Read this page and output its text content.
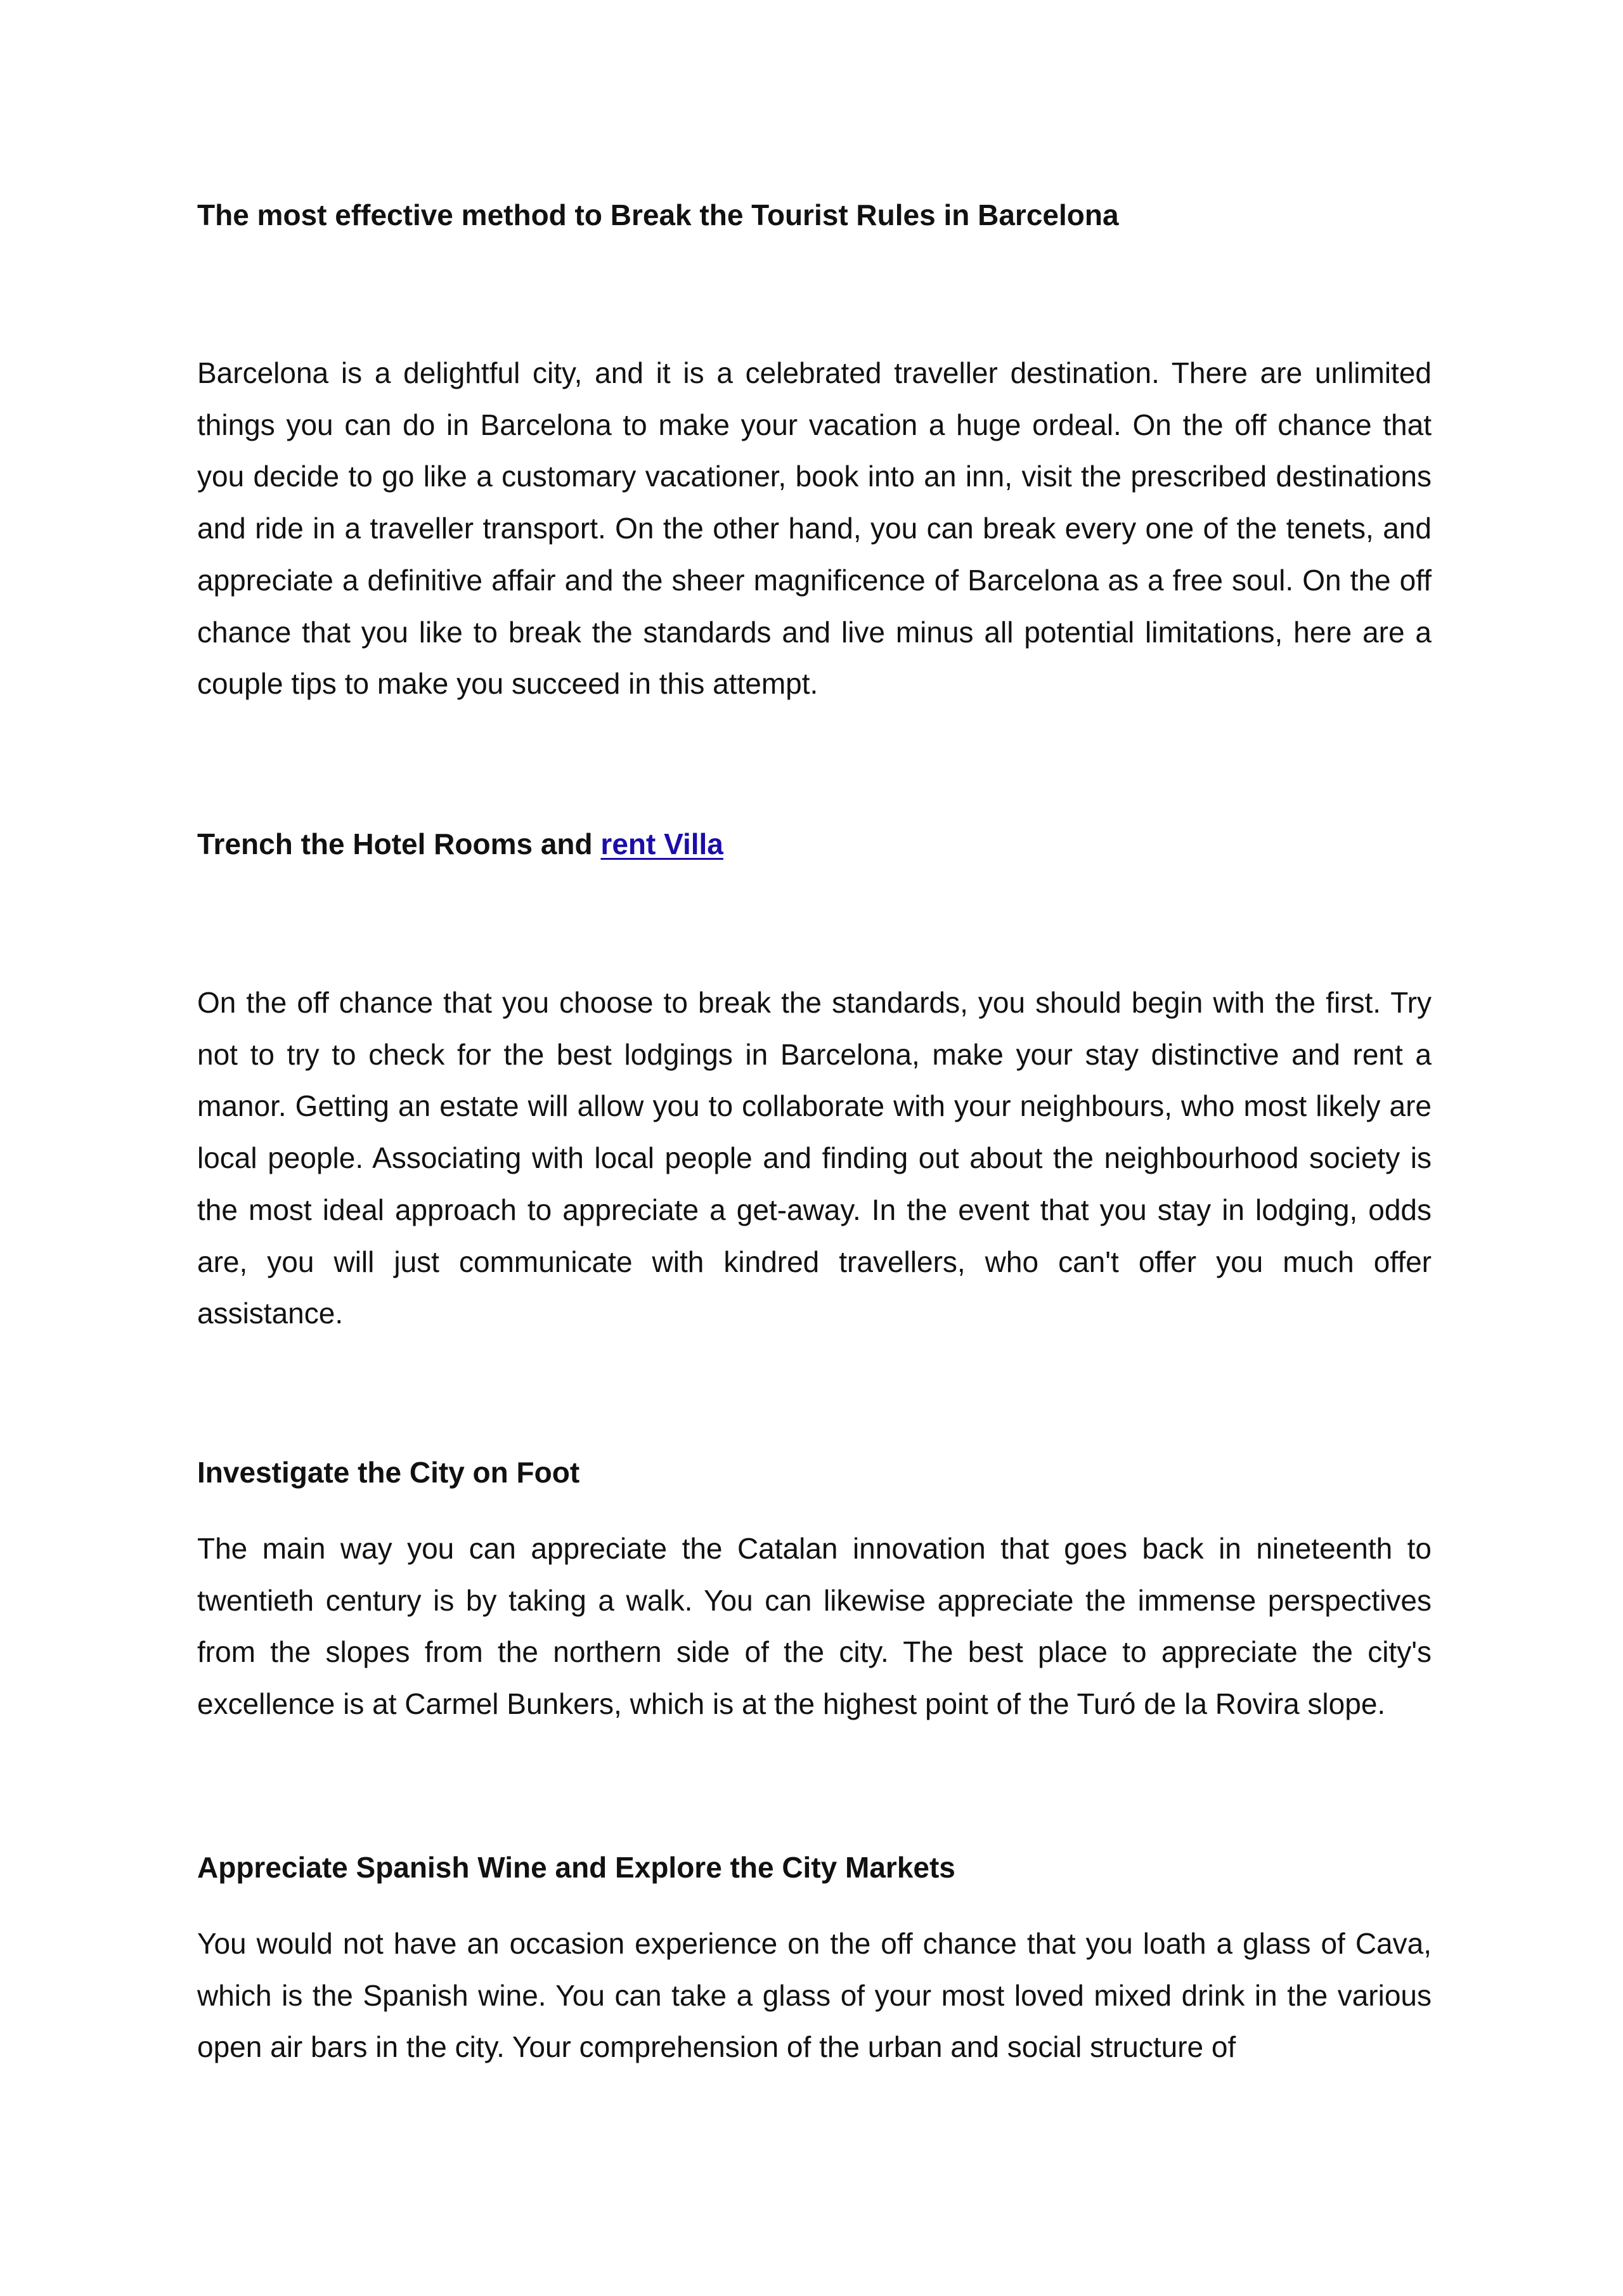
The most effective method to Break the Tourist Rules in Barcelona

Barcelona is a delightful city, and it is a celebrated traveller destination. There are unlimited things you can do in Barcelona to make your vacation a huge ordeal. On the off chance that you decide to go like a customary vacationer, book into an inn, visit the prescribed destinations and ride in a traveller transport. On the other hand, you can break every one of the tenets, and appreciate a definitive affair and the sheer magnificence of Barcelona as a free soul. On the off chance that you like to break the standards and live minus all potential limitations, here are a couple tips to make you succeed in this attempt.

Trench the Hotel Rooms and rent Villa

On the off chance that you choose to break the standards, you should begin with the first. Try not to try to check for the best lodgings in Barcelona, make your stay distinctive and rent a manor. Getting an estate will allow you to collaborate with your neighbours, who most likely are local people. Associating with local people and finding out about the neighbourhood society is the most ideal approach to appreciate a get-away. In the event that you stay in lodging, odds are, you will just communicate with kindred travellers, who can't offer you much offer assistance.

Investigate the City on Foot

The main way you can appreciate the Catalan innovation that goes back in nineteenth to twentieth century is by taking a walk. You can likewise appreciate the immense perspectives from the slopes from the northern side of the city. The best place to appreciate the city's excellence is at Carmel Bunkers, which is at the highest point of the Turó de la Rovira slope.

Appreciate Spanish Wine and Explore the City Markets

You would not have an occasion experience on the off chance that you loath a glass of Cava, which is the Spanish wine. You can take a glass of your most loved mixed drink in the various open air bars in the city. Your comprehension of the urban and social structure of
